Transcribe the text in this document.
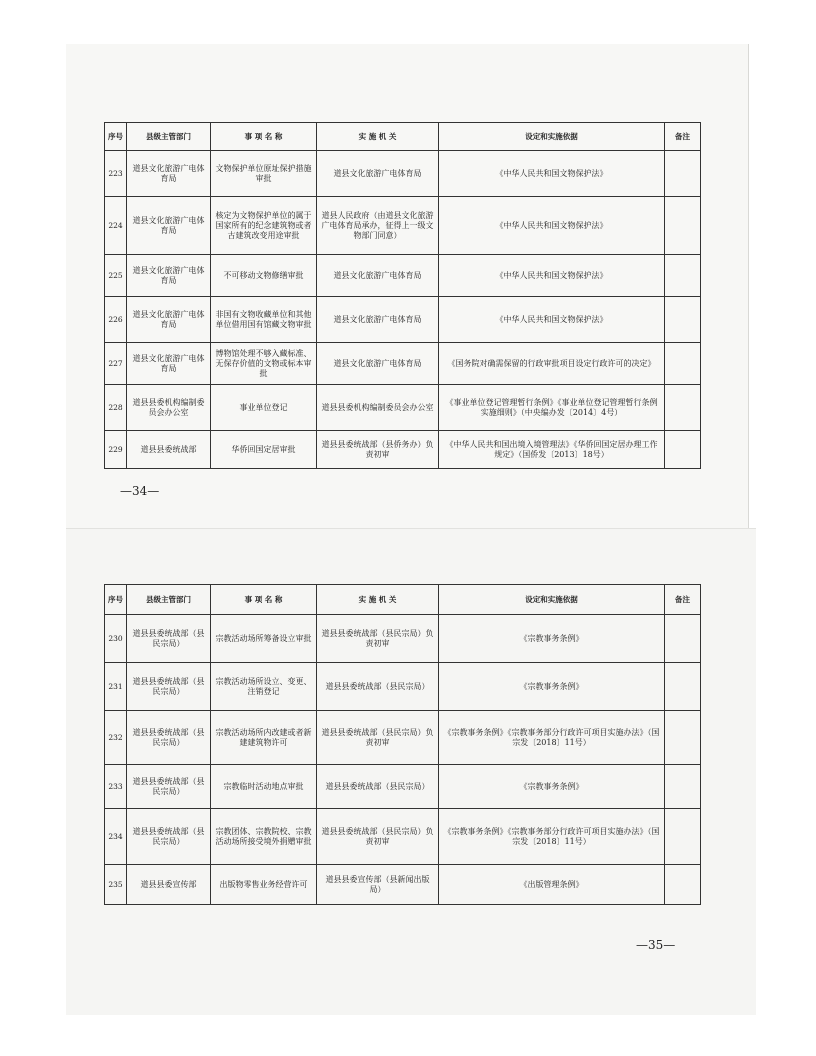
序号	县级主管部门	事 项 名 称	实 施 机 关	设定和实施依据	备注
223	道县文化旅游广电体育局	文物保护单位原址保护措施审批	道县文化旅游广电体育局	《中华人民共和国文物保护法》	
224	道县文化旅游广电体育局	核定为文物保护单位的属于国家所有的纪念建筑物或者古建筑改变用途审批	道县人民政府（由道县文化旅游广电体育局承办，征得上一级文物部门同意）	《中华人民共和国文物保护法》	
225	道县文化旅游广电体育局	不可移动文物修缮审批	道县文化旅游广电体育局	《中华人民共和国文物保护法》	
226	道县文化旅游广电体育局	非国有文物收藏单位和其他单位借用国有馆藏文物审批	道县文化旅游广电体育局	《中华人民共和国文物保护法》	
227	道县文化旅游广电体育局	博物馆处理不够入藏标准、无保存价值的文物或标本审批	道县文化旅游广电体育局	《国务院对确需保留的行政审批项目设定行政许可的决定》	
228	道县县委机构编制委员会办公室	事业单位登记	道县县委机构编制委员会办公室	《事业单位登记管理暂行条例》《事业单位登记管理暂行条例实施细则》（中央编办发〔2014〕4号）	
229	道县县委统战部	华侨回国定居审批	道县县委统战部（县侨务办）负责初审	《中华人民共和国出境入境管理法》《华侨回国定居办理工作规定》（国侨发〔2013〕18号）	
—34—
序号	县级主管部门	事 项 名 称	实 施 机 关	设定和实施依据	备注
230	道县县委统战部（县民宗局）	宗教活动场所筹备设立审批	道县县委统战部（县民宗局）负责初审	《宗教事务条例》	
231	道县县委统战部（县民宗局）	宗教活动场所设立、变更、注销登记	道县县委统战部（县民宗局）	《宗教事务条例》	
232	道县县委统战部（县民宗局）	宗教活动场所内改建或者新建建筑物许可	道县县委统战部（县民宗局）负责初审	《宗教事务条例》《宗教事务部分行政许可项目实施办法》（国宗发〔2018〕11号）	
233	道县县委统战部（县民宗局）	宗教临时活动地点审批	道县县委统战部（县民宗局）	《宗教事务条例》	
234	道县县委统战部（县民宗局）	宗教团体、宗教院校、宗教活动场所接受境外捐赠审批	道县县委统战部（县民宗局）负责初审	《宗教事务条例》《宗教事务部分行政许可项目实施办法》（国宗发〔2018〕11号）	
235	道县县委宣传部	出版物零售业务经营许可	道县县委宣传部（县新闻出版局）	《出版管理条例》	
—35—
